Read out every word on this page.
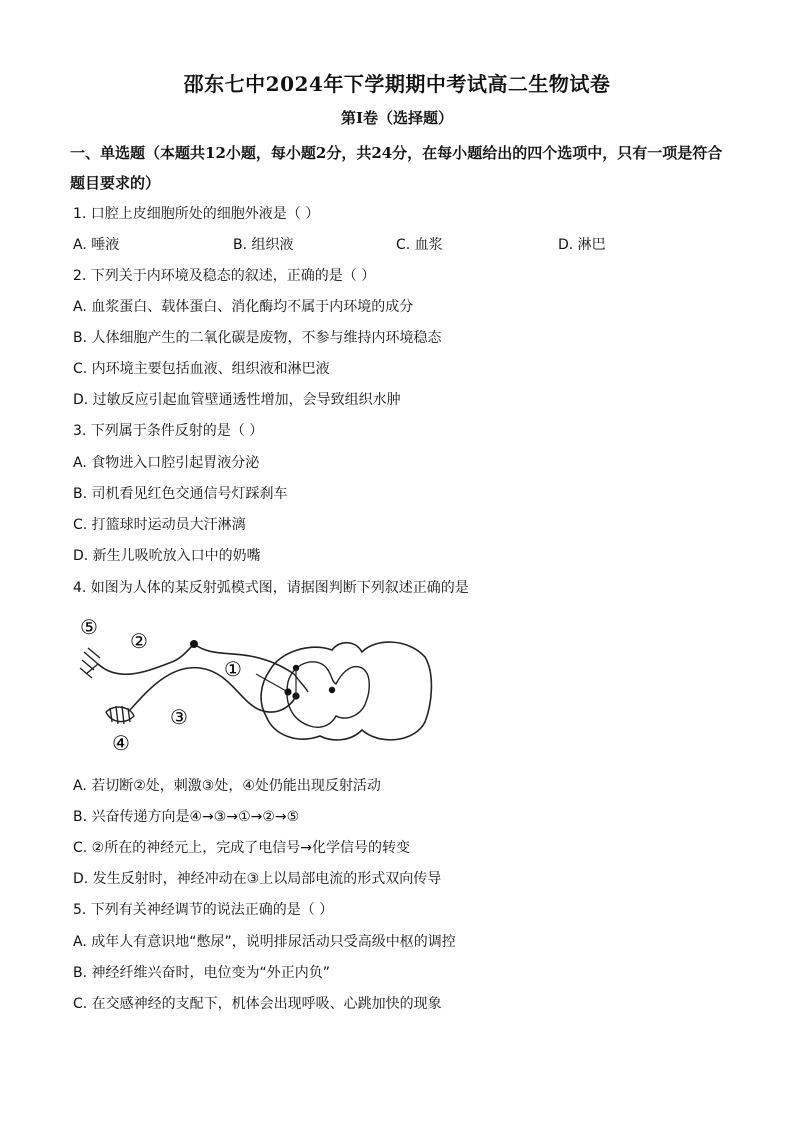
邵东七中2024年下学期期中考试高二生物试卷
第Ⅰ卷（选择题）
一、单选题（本题共12小题，每小题2分，共24分，在每小题给出的四个选项中，只有一项是符合题目要求的）
1. 口腔上皮细胞所处的细胞外液是（ ）
A. 唾液	B. 组织液	C. 血浆	D. 淋巴
2. 下列关于内环境及稳态的叙述，正确的是（ ）
A. 血浆蛋白、载体蛋白、消化酶均不属于内环境的成分
B. 人体细胞产生的二氧化碳是废物，不参与维持内环境稳态
C. 内环境主要包括血液、组织液和淋巴液
D. 过敏反应引起血管壁通透性增加，会导致组织水肿
3. 下列属于条件反射的是（ ）
A. 食物进入口腔引起胃液分泌
B. 司机看见红色交通信号灯踩刹车
C. 打篮球时运动员大汗淋漓
D. 新生儿吸吮放入口中的奶嘴
4. 如图为人体的某反射弧模式图，请据图判断下列叙述正确的是
⑤
②
①
③
④
A. 若切断②处，刺激③处，④处仍能出现反射活动
B. 兴奋传递方向是④→③→①→②→⑤
C. ②所在的神经元上，完成了电信号→化学信号的转变
D. 发生反射时，神经冲动在③上以局部电流的形式双向传导
5. 下列有关神经调节的说法正确的是（ ）
A. 成年人有意识地“憋尿”，说明排尿活动只受高级中枢的调控
B. 神经纤维兴奋时，电位变为“外正内负”
C. 在交感神经的支配下，机体会出现呼吸、心跳加快的现象
